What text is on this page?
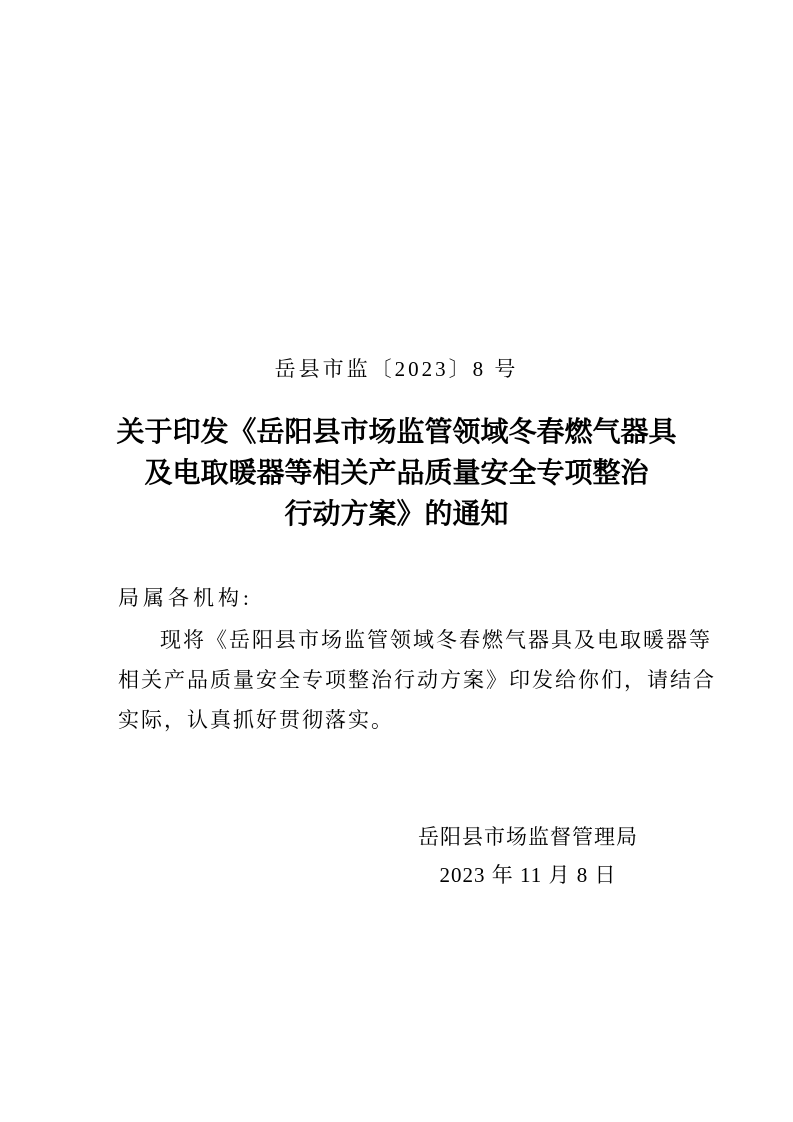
岳县市监〔2023〕8 号
关于印发《岳阳县市场监管领域冬春燃气器具
及电取暖器等相关产品质量安全专项整治
行动方案》的通知
局属各机构:
现将《岳阳县市场监管领域冬春燃气器具及电取暖器等
相关产品质量安全专项整治行动方案》印发给你们，请结合
实际，认真抓好贯彻落实。
岳阳县市场监督管理局
2023 年 11 月 8 日
